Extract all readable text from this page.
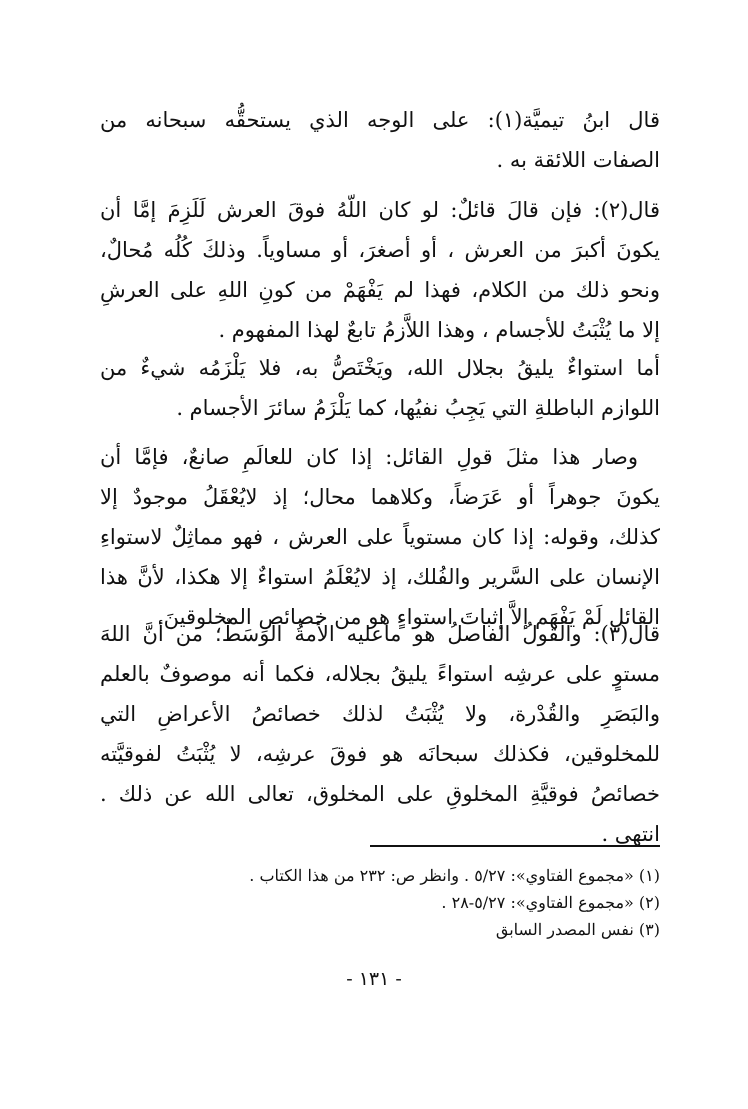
قال ابنُ تيميَّة(١): على الوجه الذي يستحقُّه سبحانه من
الصفات اللائقة به .
قال(٢): فإن قالَ قائلٌ: لو كان اللّهُ فوقَ العرش لَلَزِمَ إمَّا أن
يكونَ أكبرَ من العرش ، أو أصغرَ، أو مساوياً. وذلكَ كُلُه مُحالٌ،
ونحو ذلك من الكلام، فهذا لم يَفْهَمْ من كونِ اللهِ على العرشِ
إلا ما يُثْبَتُ للأجسام ، وهذا اللاَّزمُ تابعٌ لهذا المفهوم .
أما استواءٌ يليقُ بجلال الله، ويَخْتَصُّ به، فلا يَلْزَمُه شيءٌ من
اللوازم الباطلةِ التي يَجِبُ نفيُها، كما يَلْزَمُ سائرَ الأجسام .
وصار هذا مثلَ قولِ القائل: إذا كان للعالَمِ صانعٌ، فإمَّا أن
يكونَ جوهراً أو عَرَضاً، وكلاهما محال؛ إذ لايُعْقَلُ موجودٌ إلا
كذلك، وقوله: إذا كان مستوياً على العرش ، فهو مماثِلٌ لاستواءِ
الإنسان على السَّرير والفُلك، إذ لايُعْلَمُ استواءٌ إلا هكذا، لأنَّ هذا
القائل لَمْ يَفْهَم إلاَّ إثباتَ استواءٍ هو من خصائصِ المخلوقينَ.
قال(٣): والقولُ الفاصلُ هو ماعليه الأمةُ الوسَطُ؛ من أنَّ اللهَ
مستوٍ على عرشِه استواءً يليقُ بجلاله، فكما أنه موصوفٌ بالعلم
والبَصَرِ والقُدْرة، ولا يُثْبَتُ لذلك خصائصُ الأعراضِ التي
للمخلوقين، فكذلك سبحانَه هو فوقَ عرشِه، لا يُثْبَتُ لفوقيَّته
خصائصُ فوقيَّةِ المخلوقِ على المخلوق، تعالى الله عن ذلك .
انتهى .
(١) «مجموع الفتاوي»: ٥/٢٧ . وانظر ص: ٢٣٢ من هذا الكتاب .
(٢) «مجموع الفتاوي»: ٥/٢٧-٢٨ .
(٣) نفس المصدر السابق
- ١٣١ -
